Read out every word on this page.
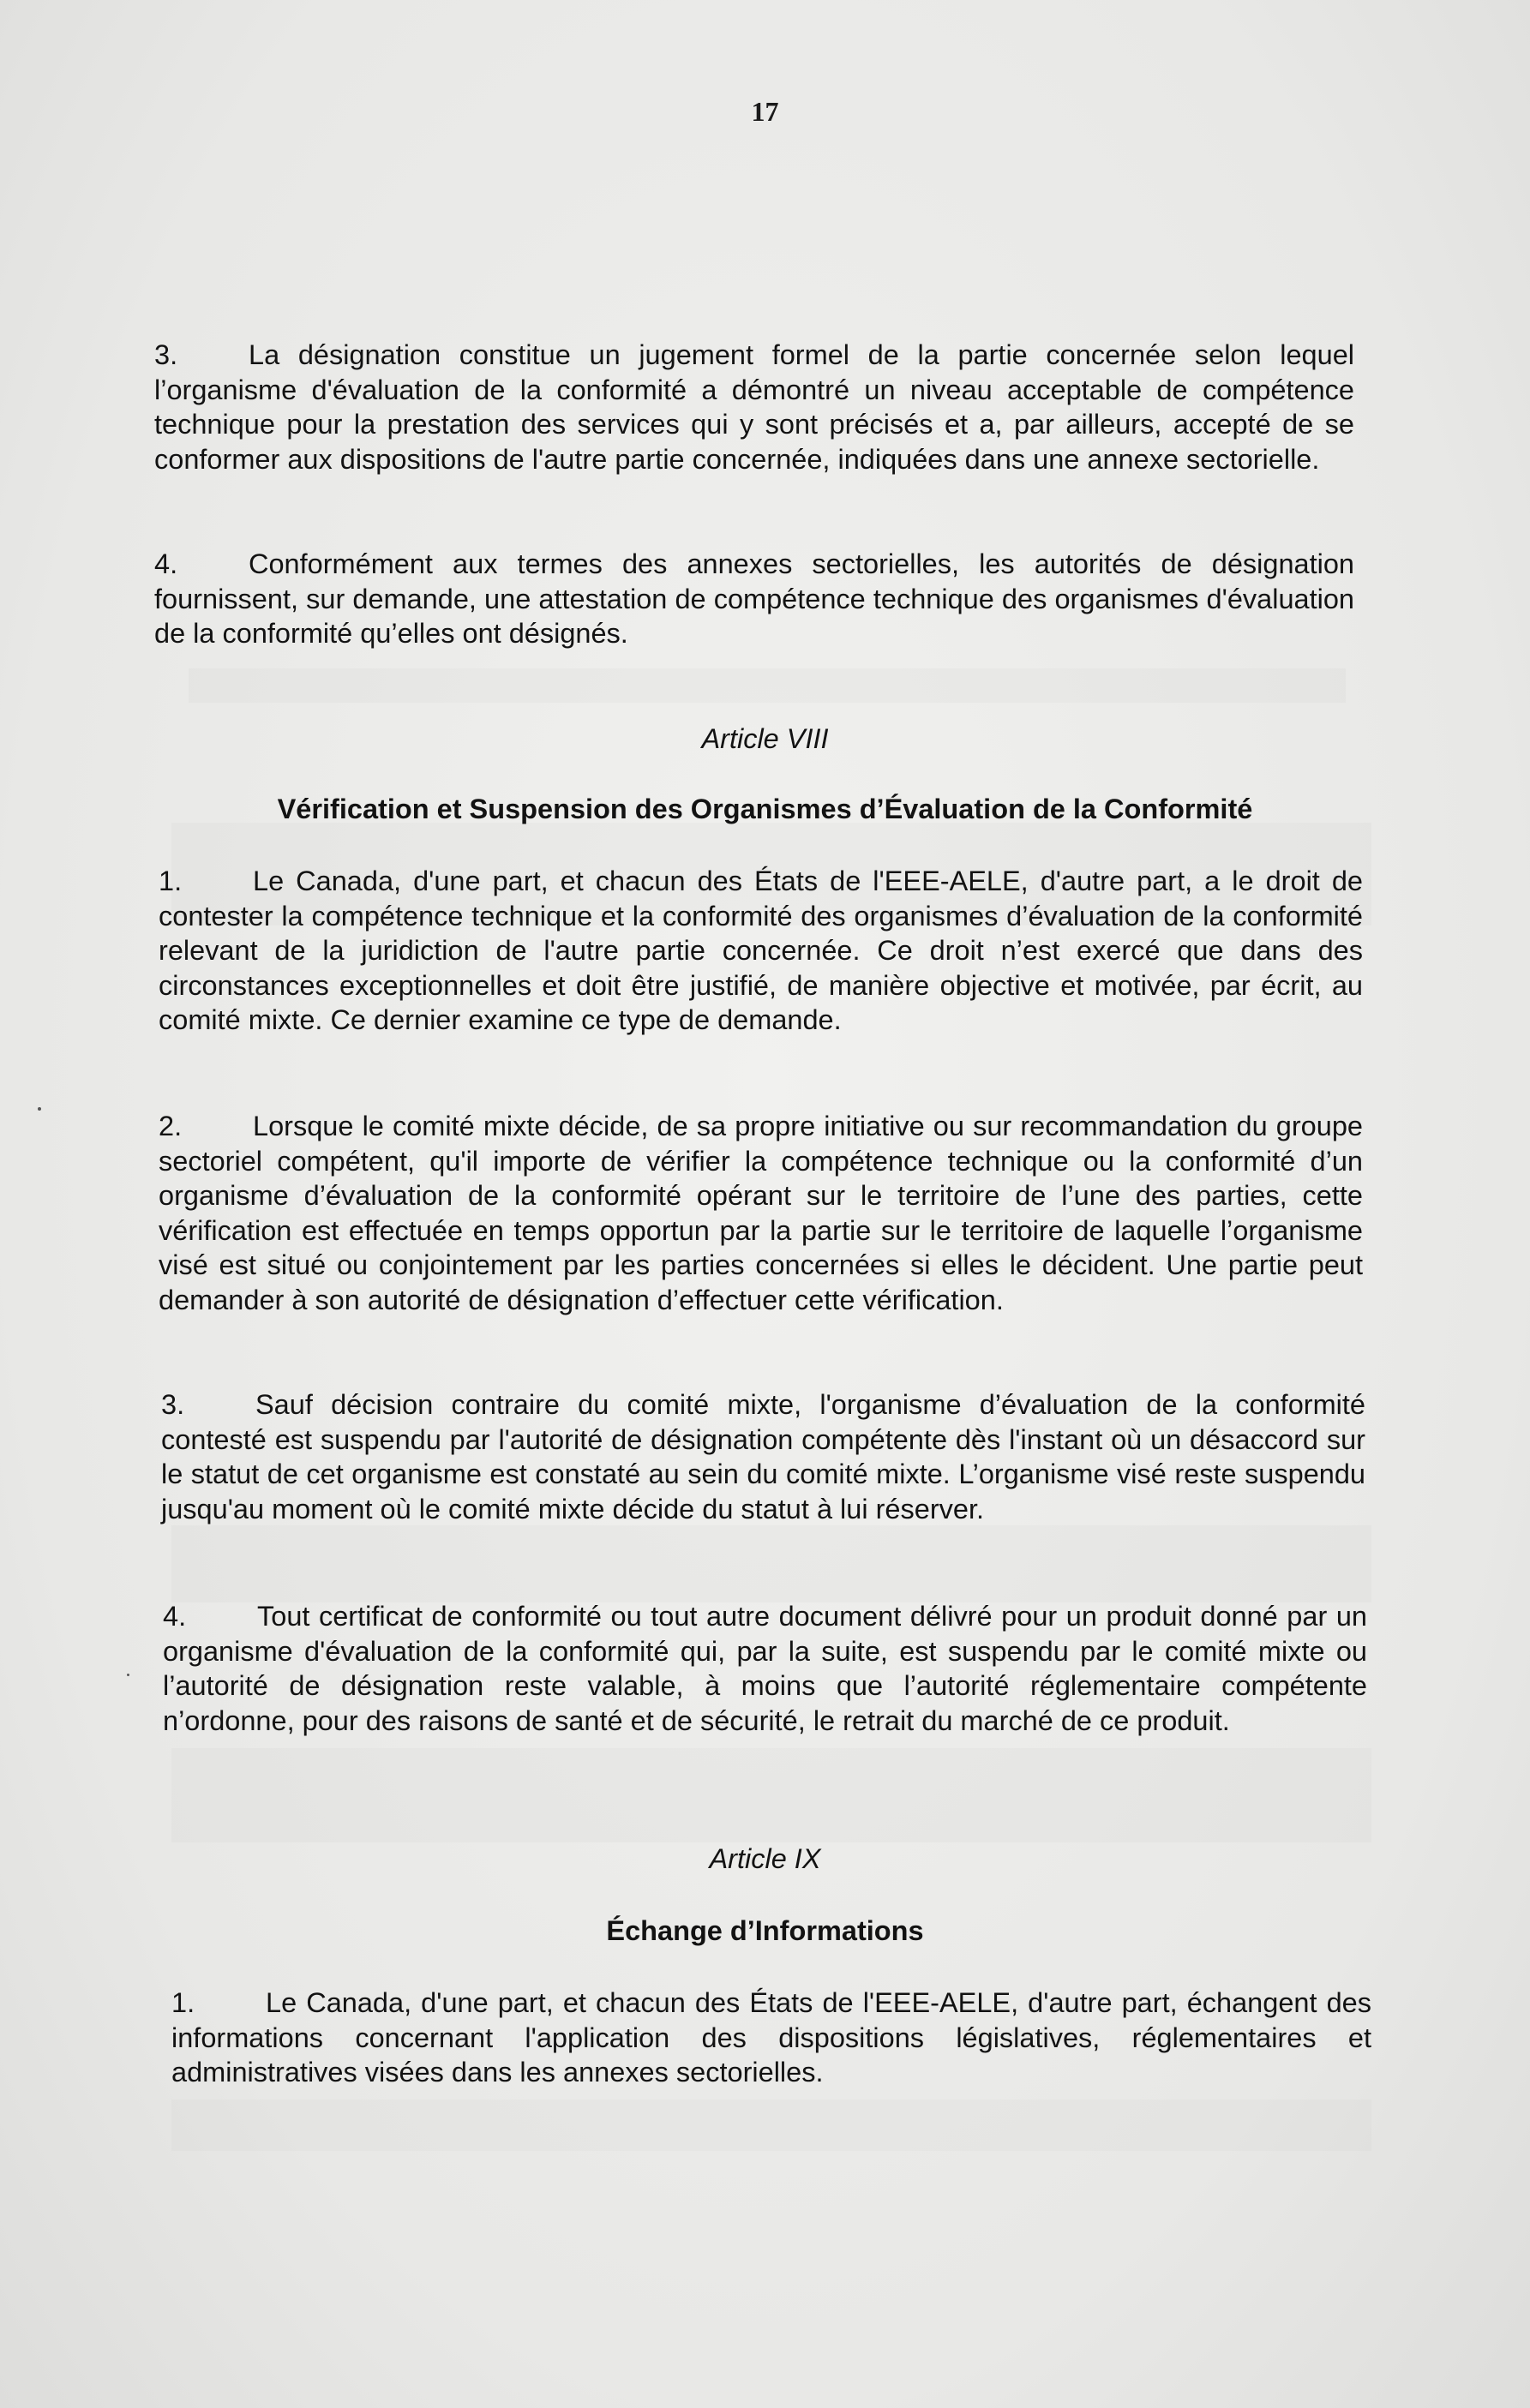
17
3.	La désignation constitue un jugement formel de la partie concernée selon lequel l’organisme d'évaluation de la conformité a démontré un niveau acceptable de compétence technique pour la prestation des services qui y sont précisés et a, par ailleurs, accepté de se conformer aux dispositions de l'autre partie concernée, indiquées dans une annexe sectorielle.
4.	Conformément aux termes des annexes sectorielles, les autorités de désignation fournissent, sur demande, une attestation de compétence technique des organismes d'évaluation de la conformité qu’elles ont désignés.
Article VIII
Vérification et Suspension des Organismes d’Évaluation de la Conformité
1.	Le Canada, d'une part, et chacun des États de l'EEE-AELE, d'autre part, a le droit de contester la compétence technique et la conformité des organismes d’évaluation de la conformité relevant de la juridiction de l'autre partie concernée. Ce droit n’est exercé que dans des circonstances exceptionnelles et doit être justifié, de manière objective et motivée, par écrit, au comité mixte. Ce dernier examine ce type de demande.
2.	Lorsque le comité mixte décide, de sa propre initiative ou sur recommandation du groupe sectoriel compétent, qu'il importe de vérifier la compétence technique ou la conformité d’un organisme d’évaluation de la conformité opérant sur le territoire de l’une des parties, cette vérification est effectuée en temps opportun par la partie sur le territoire de laquelle l’organisme visé est situé ou conjointement par les parties concernées si elles le décident. Une partie peut demander à son autorité de désignation d’effectuer cette vérification.
3.	Sauf décision contraire du comité mixte, l'organisme d’évaluation de la conformité contesté est suspendu par l'autorité de désignation compétente dès l'instant où un désaccord sur le statut de cet organisme est constaté au sein du comité mixte. L’organisme visé reste suspendu jusqu'au moment où le comité mixte décide du statut à lui réserver.
4.	Tout certificat de conformité ou tout autre document délivré pour un produit donné par un organisme d'évaluation de la conformité qui, par la suite, est suspendu par le comité mixte ou l’autorité de désignation reste valable, à moins que l’autorité réglementaire compétente n’ordonne, pour des raisons de santé et de sécurité, le retrait du marché de ce produit.
Article IX
Échange d’Informations
1.	Le Canada, d'une part, et chacun des États de l'EEE-AELE, d'autre part, échangent des informations concernant l'application des dispositions législatives, réglementaires et administratives visées dans les annexes sectorielles.
